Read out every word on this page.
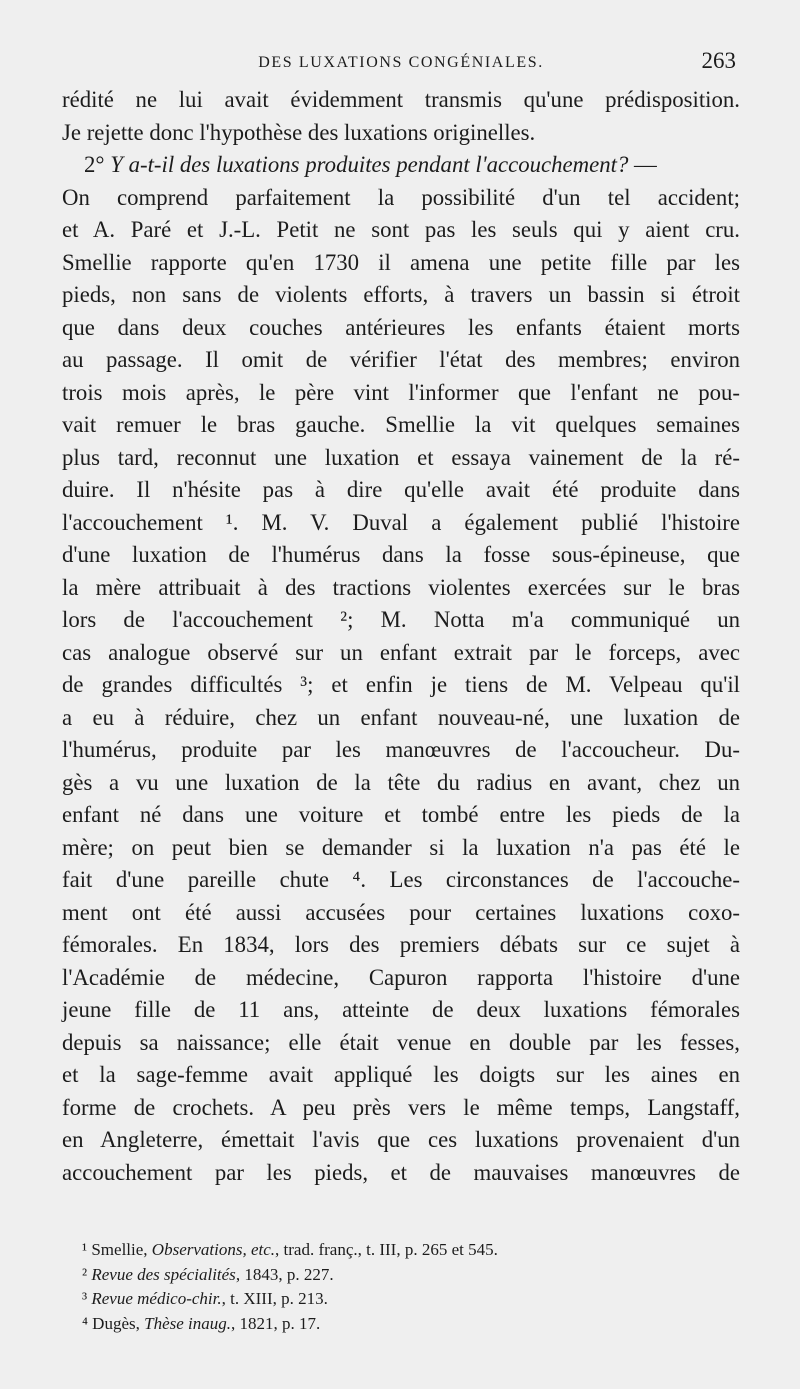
DES LUXATIONS CONGÉNIALES.	263
rédité ne lui avait évidemment transmis qu'une prédisposition.
Je rejette donc l'hypothèse des luxations originelles.
2° Y a-t-il des luxations produites pendant l'accouchement? —
On comprend parfaitement la possibilité d'un tel accident;
et A. Paré et J.-L. Petit ne sont pas les seuls qui y aient cru.
Smellie rapporte qu'en 1730 il amena une petite fille par les
pieds, non sans de violents efforts, à travers un bassin si étroit
que dans deux couches antérieures les enfants étaient morts
au passage. Il omit de vérifier l'état des membres; environ
trois mois après, le père vint l'informer que l'enfant ne pou-
vait remuer le bras gauche. Smellie la vit quelques semaines
plus tard, reconnut une luxation et essaya vainement de la ré-
duire. Il n'hésite pas à dire qu'elle avait été produite dans
l'accouchement ¹. M. V. Duval a également publié l'histoire
d'une luxation de l'humérus dans la fosse sous-épineuse, que
la mère attribuait à des tractions violentes exercées sur le bras
lors de l'accouchement ²; M. Notta m'a communiqué un
cas analogue observé sur un enfant extrait par le forceps, avec
de grandes difficultés ³; et enfin je tiens de M. Velpeau qu'il
a eu à réduire, chez un enfant nouveau-né, une luxation de
l'humérus, produite par les manœuvres de l'accoucheur. Du-
gès a vu une luxation de la tête du radius en avant, chez un
enfant né dans une voiture et tombé entre les pieds de la
mère; on peut bien se demander si la luxation n'a pas été le
fait d'une pareille chute ⁴. Les circonstances de l'accouche-
ment ont été aussi accusées pour certaines luxations coxo-
fémorales. En 1834, lors des premiers débats sur ce sujet à
l'Académie de médecine, Capuron rapporta l'histoire d'une
jeune fille de 11 ans, atteinte de deux luxations fémorales
depuis sa naissance; elle était venue en double par les fesses,
et la sage-femme avait appliqué les doigts sur les aines en
forme de crochets. A peu près vers le même temps, Langstaff,
en Angleterre, émettait l'avis que ces luxations provenaient d'un
accouchement par les pieds, et de mauvaises manœuvres de
¹ Smellie, Observations, etc., trad. franç., t. III, p. 265 et 545.
² Revue des spécialités, 1843, p. 227.
³ Revue médico-chir., t. XIII, p. 213.
⁴ Dugès, Thèse inaug., 1821, p. 17.
